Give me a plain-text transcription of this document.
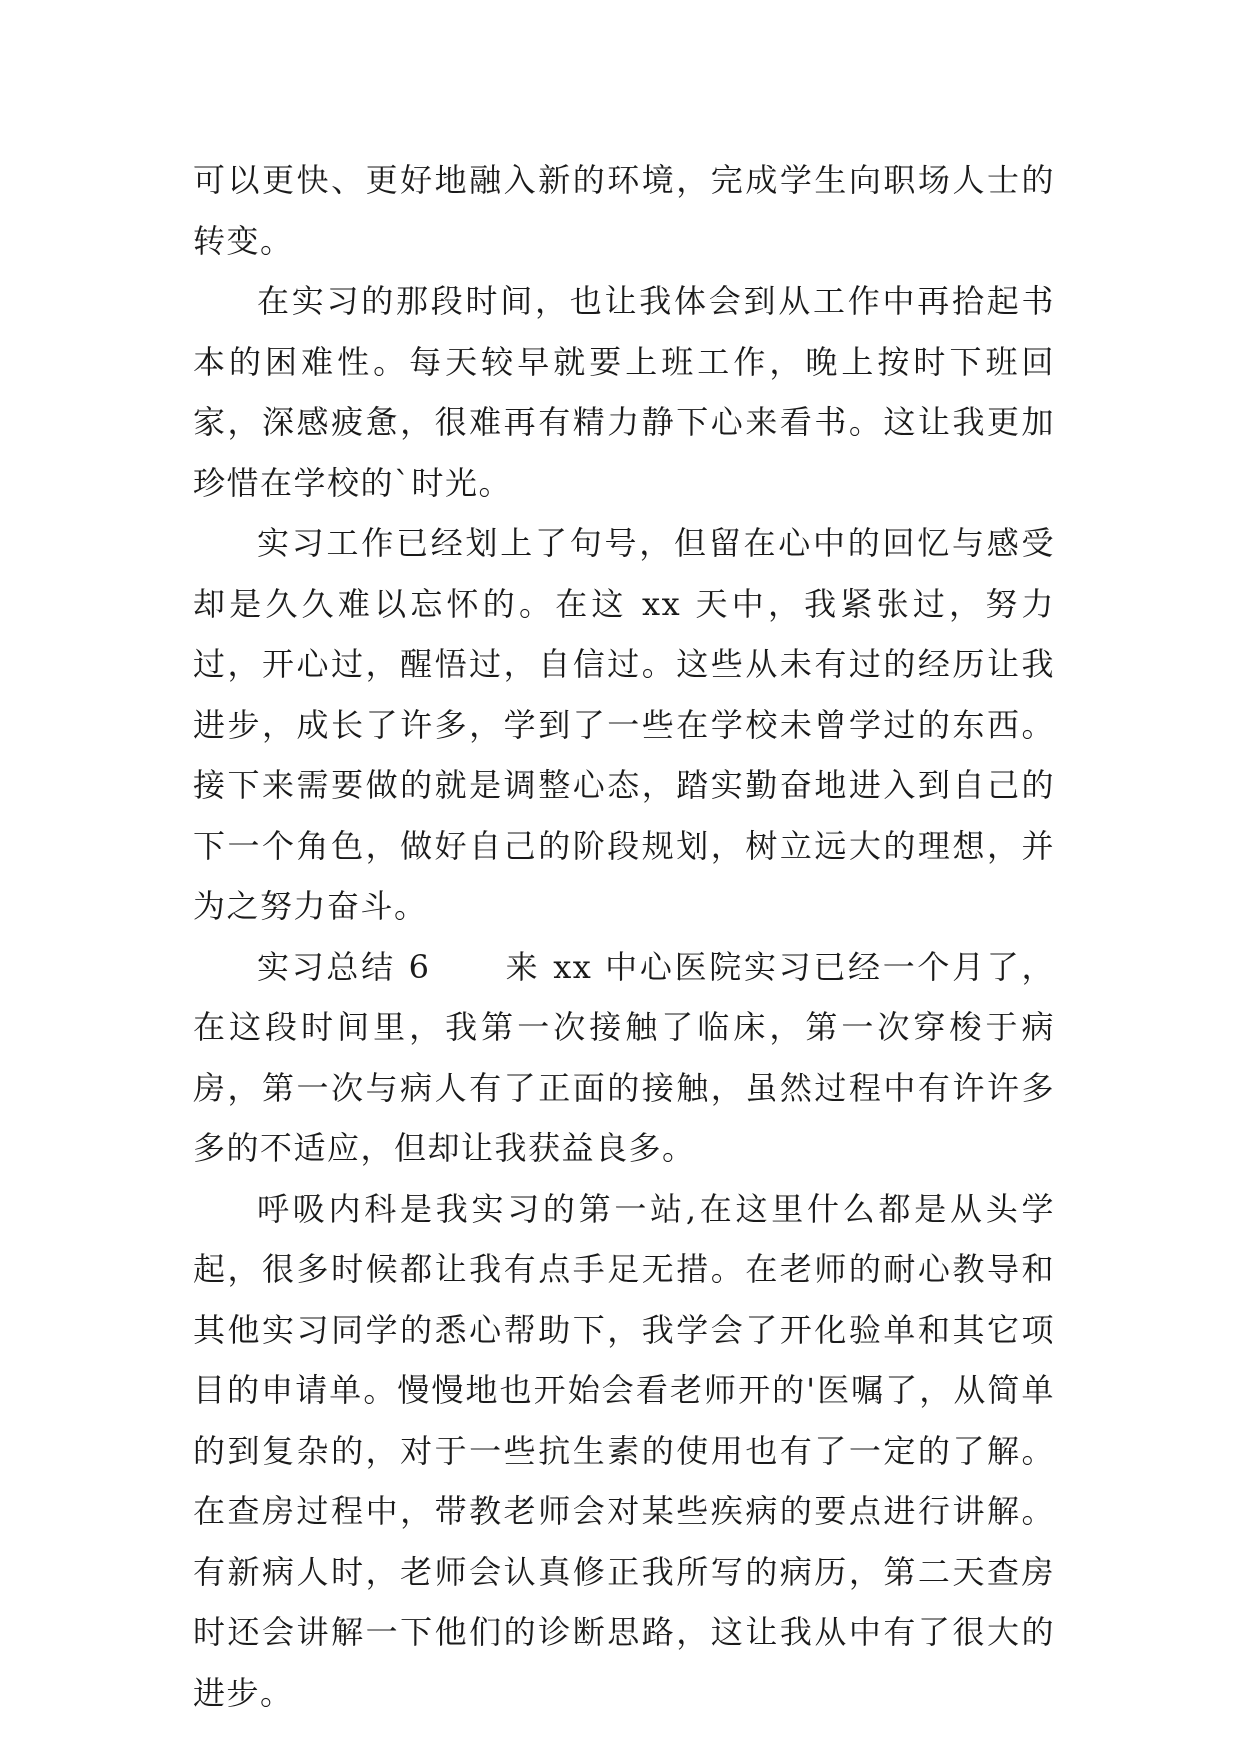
可以更快、更好地融入新的环境，完成学生向职场人士的转变。

在实习的那段时间，也让我体会到从工作中再拾起书本的困难性。每天较早就要上班工作，晚上按时下班回家，深感疲惫，很难再有精力静下心来看书。这让我更加珍惜在学校的`时光。

实习工作已经划上了句号，但留在心中的回忆与感受却是久久难以忘怀的。在这 xx 天中，我紧张过，努力过，开心过，醒悟过，自信过。这些从未有过的经历让我进步，成长了许多，学到了一些在学校未曾学过的东西。接下来需要做的就是调整心态，踏实勤奋地进入到自己的下一个角色，做好自己的阶段规划，树立远大的理想，并为之努力奋斗。

实习总结 6 来 xx 中心医院实习已经一个月了，在这段时间里，我第一次接触了临床，第一次穿梭于病房，第一次与病人有了正面的接触，虽然过程中有许许多多的不适应，但却让我获益良多。

呼吸内科是我实习的第一站,在这里什么都是从头学起，很多时候都让我有点手足无措。在老师的耐心教导和其他实习同学的悉心帮助下，我学会了开化验单和其它项目的申请单。慢慢地也开始会看老师开的'医嘱了，从简单的到复杂的，对于一些抗生素的使用也有了一定的了解。在查房过程中，带教老师会对某些疾病的要点进行讲解。有新病人时，老师会认真修正我所写的病历，第二天查房时还会讲解一下他们的诊断思路，这让我从中有了很大的进步。
